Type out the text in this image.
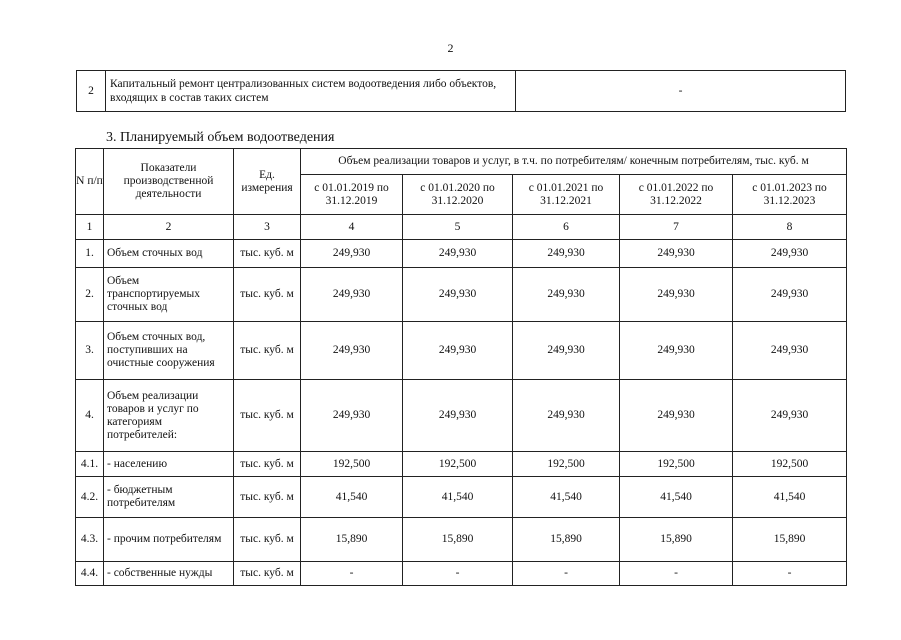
2
2	Капитальный ремонт централизованных систем водоотведения либо объектов, входящих в состав таких систем	-
3. Планируемый объем водоотведения
N п/п	Показатели производственной деятельности	Ед. измерения	Объем реализации товаров и услуг, в т.ч. по потребителям/ конечным потребителям, тыс. куб. м				
			с 01.01.2019 по 31.12.2019	с 01.01.2020 по 31.12.2020	с 01.01.2021 по 31.12.2021	с 01.01.2022 по 31.12.2022	с 01.01.2023 по 31.12.2023
1	2	3	4	5	6	7	8
1.	Объем сточных вод	тыс. куб. м	249,930	249,930	249,930	249,930	249,930
2.	Объем транспортируемых сточных вод	тыс. куб. м	249,930	249,930	249,930	249,930	249,930
3.	Объем сточных вод, поступивших на очистные сооружения	тыс. куб. м	249,930	249,930	249,930	249,930	249,930
4.	Объем реализации товаров и услуг по категориям потребителей:	тыс. куб. м	249,930	249,930	249,930	249,930	249,930
4.1.	- населению	тыс. куб. м	192,500	192,500	192,500	192,500	192,500
4.2.	- бюджетным потребителям	тыс. куб. м	41,540	41,540	41,540	41,540	41,540
4.3.	- прочим потребителям	тыс. куб. м	15,890	15,890	15,890	15,890	15,890
4.4.	- собственные нужды	тыс. куб. м	-	-	-	-	-
